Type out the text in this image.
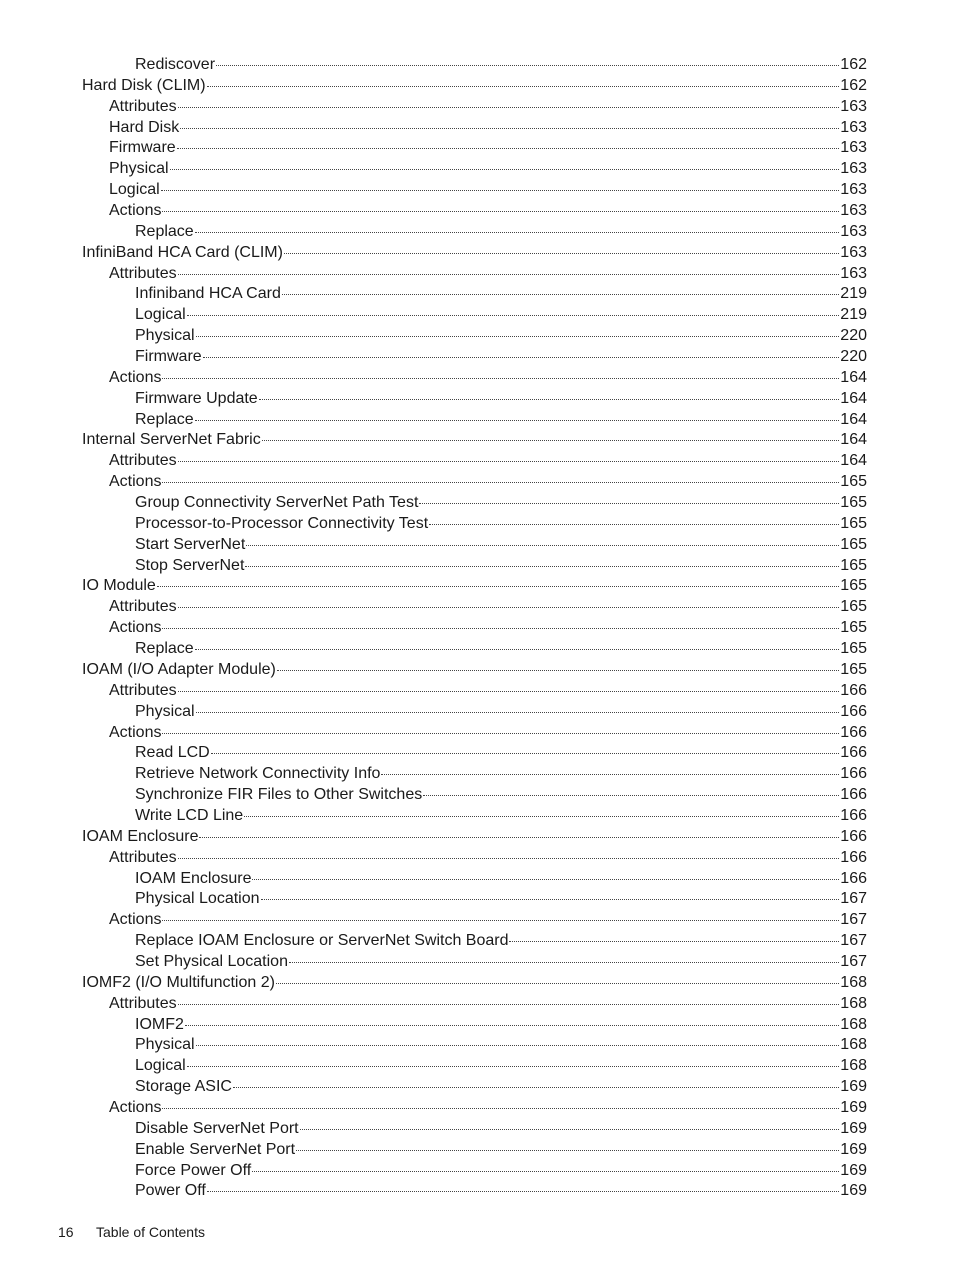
Rediscover	162
Hard Disk (CLIM)	162
Attributes	163
Hard Disk	163
Firmware	163
Physical	163
Logical	163
Actions	163
Replace	163
InfiniBand HCA Card (CLIM)	163
Attributes	163
Infiniband HCA Card	219
Logical	219
Physical	220
Firmware	220
Actions	164
Firmware Update	164
Replace	164
Internal ServerNet Fabric	164
Attributes	164
Actions	165
Group Connectivity ServerNet Path Test	165
Processor-to-Processor Connectivity Test	165
Start ServerNet	165
Stop ServerNet	165
IO Module	165
Attributes	165
Actions	165
Replace	165
IOAM (I/O Adapter Module)	165
Attributes	166
Physical	166
Actions	166
Read LCD	166
Retrieve Network Connectivity Info	166
Synchronize FIR Files to Other Switches	166
Write LCD Line	166
IOAM Enclosure	166
Attributes	166
IOAM Enclosure	166
Physical Location	167
Actions	167
Replace IOAM Enclosure or ServerNet Switch Board	167
Set Physical Location	167
IOMF2 (I/O Multifunction 2)	168
Attributes	168
IOMF2	168
Physical	168
Logical	168
Storage ASIC	169
Actions	169
Disable ServerNet Port	169
Enable ServerNet Port	169
Force Power Off	169
Power Off	169
16 Table of Contents
